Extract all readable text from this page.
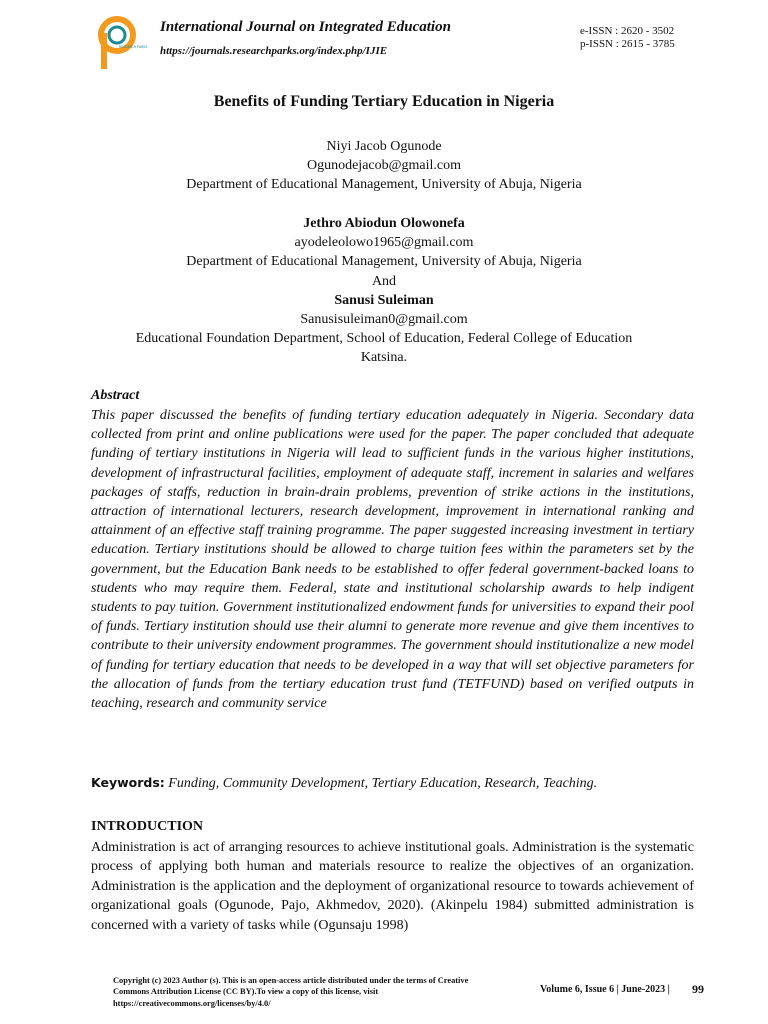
RESEARCH PARKS
International Journal on Integrated Education
https://journals.researchparks.org/index.php/IJIE
e-ISSN : 2620 - 3502
p-ISSN : 2615 - 3785
Benefits of Funding Tertiary Education in Nigeria
Niyi Jacob Ogunode
Ogunodejacob@gmail.com
Department of Educational Management, University of Abuja, Nigeria
Jethro Abiodun Olowonefa
ayodeleolowo1965@gmail.com
Department of Educational Management, University of Abuja, Nigeria
And
Sanusi Suleiman
Sanusisuleiman0@gmail.com
Educational Foundation Department, School of Education, Federal College of Education
Katsina.
Abstract

This paper discussed the benefits of funding tertiary education adequately in Nigeria. Secondary data collected from print and online publications were used for the paper. The paper concluded that adequate funding of tertiary institutions in Nigeria will lead to sufficient funds in the various higher institutions, development of infrastructural facilities, employment of adequate staff, increment in salaries and welfares packages of staffs, reduction in brain-drain problems, prevention of strike actions in the institutions, attraction of international lecturers, research development, improvement in international ranking and attainment of an effective staff training programme. The paper suggested increasing investment in tertiary education. Tertiary institutions should be allowed to charge tuition fees within the parameters set by the government, but the Education Bank needs to be established to offer federal government-backed loans to students who may require them. Federal, state and institutional scholarship awards to help indigent students to pay tuition. Government institutionalized endowment funds for universities to expand their pool of funds. Tertiary institution should use their alumni to generate more revenue and give them incentives to contribute to their university endowment programmes. The government should institutionalize a new model of funding for tertiary education that needs to be developed in a way that will set objective parameters for the allocation of funds from the tertiary education trust fund (TETFUND) based on verified outputs in teaching, research and community service

Keywords: Funding, Community Development, Tertiary Education, Research, Teaching.
INTRODUCTION

Administration is act of arranging resources to achieve institutional goals. Administration is the systematic process of applying both human and materials resource to realize the objectives of an organization. Administration is the application and the deployment of organizational resource to towards achievement of organizational goals (Ogunode, Pajo, Akhmedov, 2020). (Akinpelu 1984) submitted administration is concerned with a variety of tasks while (Ogunsaju 1998)

Copyright (c) 2023 Author (s). This is an open-access article distributed under the terms of Creative Commons Attribution License (CC BY).To view a copy of this license, visit https://creativecommons.org/licenses/by/4.0/
Volume 6, Issue 6 | June-2023 | 99
